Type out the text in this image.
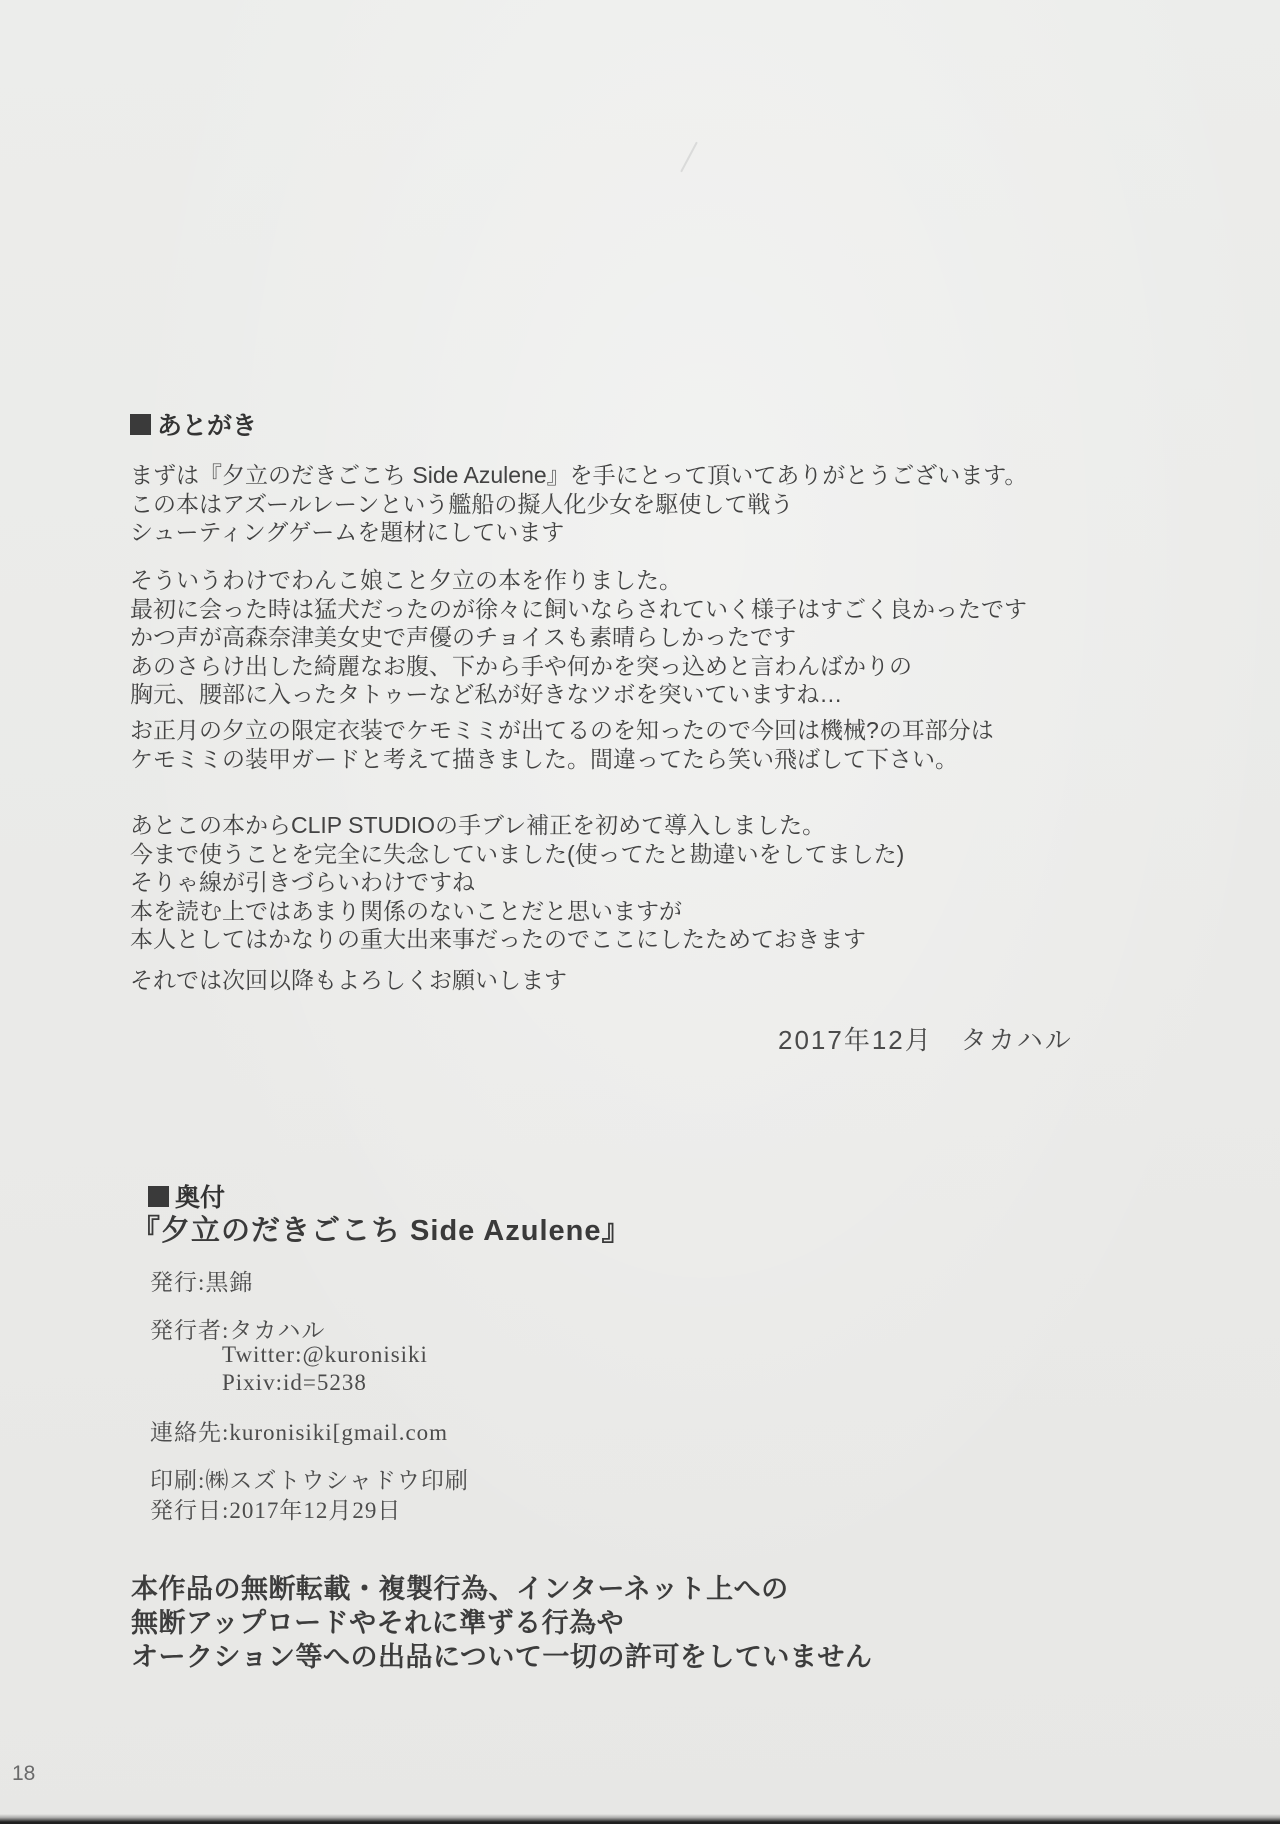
あとがき
まずは『夕立のだきごこち Side Azulene』を手にとって頂いてありがとうございます。
この本はアズールレーンという艦船の擬人化少女を駆使して戦う
シューティングゲームを題材にしています
そういうわけでわんこ娘こと夕立の本を作りました。
最初に会った時は猛犬だったのが徐々に飼いならされていく様子はすごく良かったです
かつ声が高森奈津美女史で声優のチョイスも素晴らしかったです
あのさらけ出した綺麗なお腹、下から手や何かを突っ込めと言わんばかりの
胸元、腰部に入ったタトゥーなど私が好きなツボを突いていますね…
お正月の夕立の限定衣装でケモミミが出てるのを知ったので今回は機械?の耳部分は
ケモミミの装甲ガードと考えて描きました。間違ってたら笑い飛ばして下さい。
あとこの本からCLIP STUDIOの手ブレ補正を初めて導入しました。
今まで使うことを完全に失念していました(使ってたと勘違いをしてました)
そりゃ線が引きづらいわけですね
本を読む上ではあまり関係のないことだと思いますが
本人としてはかなりの重大出来事だったのでここにしたためておきます
それでは次回以降もよろしくお願いします
2017年12月　タカハル
奥付
『夕立のだきごこち Side Azulene』
発行:黒錦
発行者:タカハル
Twitter:@kuronisiki
Pixiv:id=5238
連絡先:kuronisiki[gmail.com
印刷:㈱スズトウシャドウ印刷
発行日:2017年12月29日
本作品の無断転載・複製行為、インターネット上への
無断アップロードやそれに準ずる行為や
オークション等への出品について一切の許可をしていません
18
